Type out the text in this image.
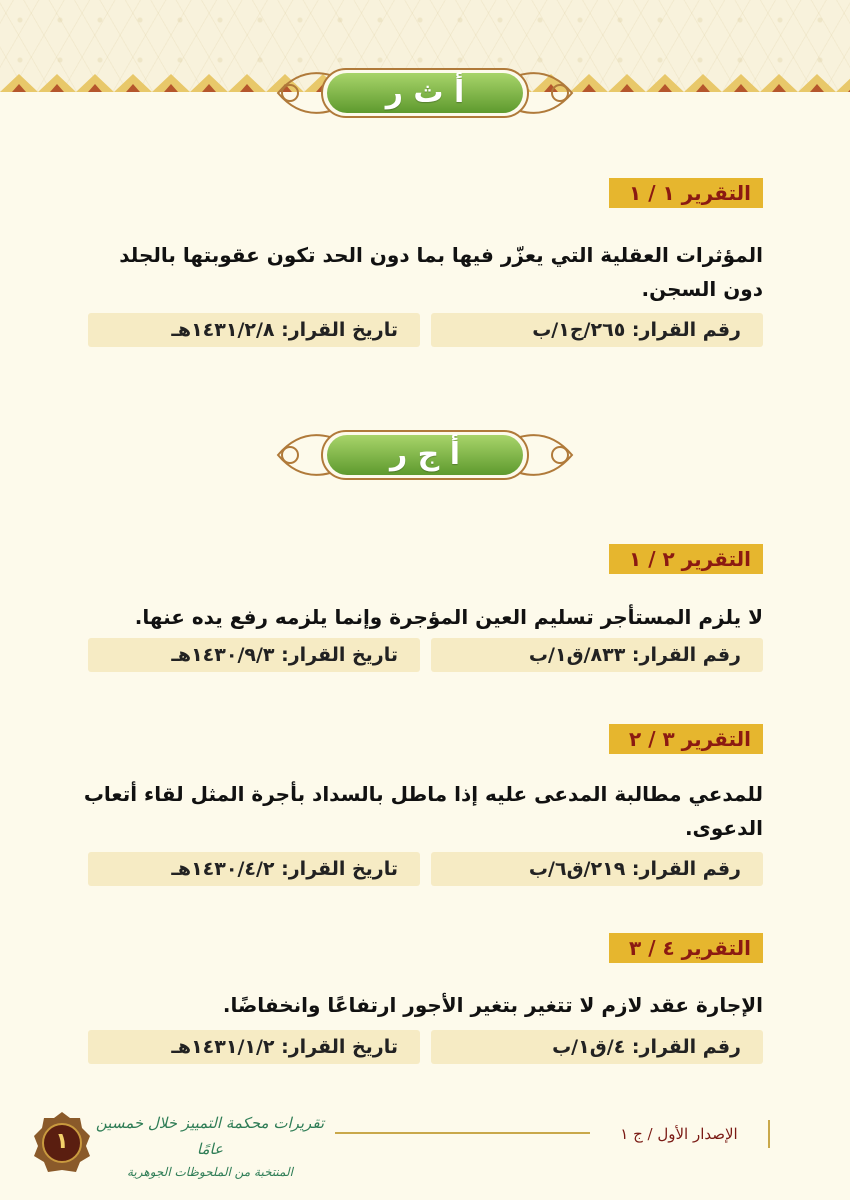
أ ث ر
التقرير ١ / ١
المؤثرات العقلية التي يعزّر فيها بما دون الحد تكون عقوبتها بالجلد دون السجن.
رقم القرار: ٢٦٥/ج١/ب
تاريخ القرار: ١٤٣١/٢/٨هـ
أ ج ر
التقرير ٢ / ١
لا يلزم المستأجر تسليم العين المؤجرة وإنما يلزمه رفع يده عنها.
رقم القرار: ٨٣٣/ق١/ب
تاريخ القرار: ١٤٣٠/٩/٣هـ
التقرير ٣ / ٢
للمدعي مطالبة المدعى عليه إذا ماطل بالسداد بأجرة المثل لقاء أتعاب الدعوى.
رقم القرار: ٢١٩/ق٦/ب
تاريخ القرار: ١٤٣٠/٤/٢هـ
التقرير ٤ / ٣
الإجارة عقد لازم لا تتغير بتغير الأجور ارتفاعًا وانخفاضًا.
رقم القرار: ٤/ق١/ب
تاريخ القرار: ١٤٣١/١/٢هـ
الإصدار الأول / ج ١
تقريرات محكمة التمييز خلال خمسين عامًا
المنتخبة من الملحوظات الجوهرية
١
